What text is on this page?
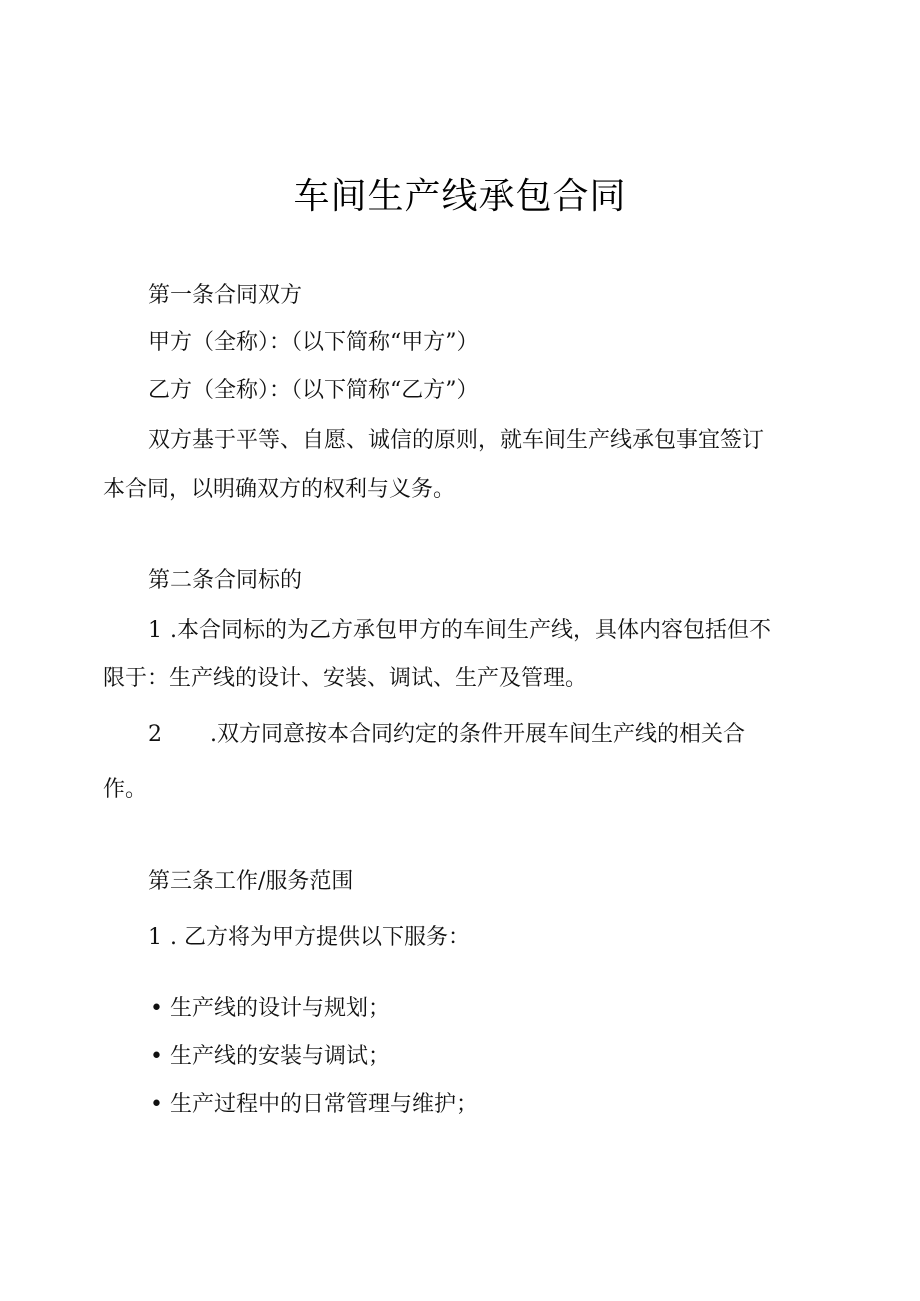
车间生产线承包合同
第一条合同双方
甲方（全称）：（以下简称“甲方”）
乙方（全称）：（以下简称“乙方”）
双方基于平等、自愿、诚信的原则，就车间生产线承包事宜签订
本合同，以明确双方的权利与义务。
第二条合同标的
1 .本合同标的为乙方承包甲方的车间生产线，具体内容包括但不
限于：生产线的设计、安装、调试、生产及管理。
2 .双方同意按本合同约定的条件开展车间生产线的相关合
作。
第三条工作/服务范围
1 . 乙方将为甲方提供以下服务：
• 生产线的设计与规划；
• 生产线的安装与调试；
• 生产过程中的日常管理与维护；
